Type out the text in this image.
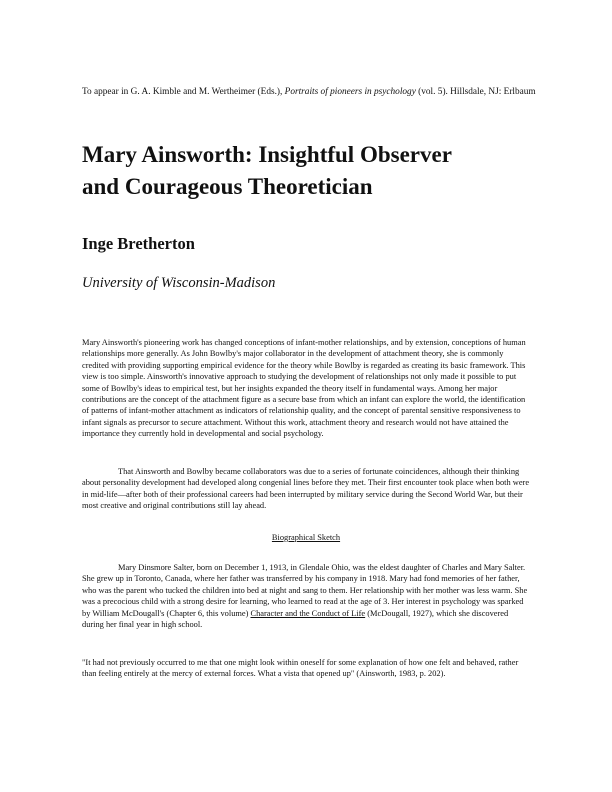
To appear in G. A. Kimble and M. Wertheimer (Eds.), Portraits of pioneers in psychology (vol. 5). Hillsdale, NJ: Erlbaum
Mary Ainsworth: Insightful Observer
and Courageous Theoretician

Inge Bretherton

University of Wisconsin-Madison

Mary Ainsworth's pioneering work has changed conceptions of infant-mother relationships, and by extension, conceptions of human relationships more generally. As John Bowlby's major collaborator in the development of attachment theory, she is commonly credited with providing supporting empirical evidence for the theory while Bowlby is regarded as creating its basic framework. This view is too simple. Ainsworth's innovative approach to studying the development of relationships not only made it possible to put some of Bowlby's ideas to empirical test, but her insights expanded the theory itself in fundamental ways. Among her major contributions are the concept of the attachment figure as a secure base from which an infant can explore the world, the identification of patterns of infant-mother attachment as indicators of relationship quality, and the concept of parental sensitive responsiveness to infant signals as precursor to secure attachment. Without this work, attachment theory and research would not have attained the importance they currently hold in developmental and social psychology.

That Ainsworth and Bowlby became collaborators was due to a series of fortunate coincidences, although their thinking about personality development had developed along congenial lines before they met. Their first encounter took place when both were in mid-life—after both of their professional careers had been interrupted by military service during the Second World War, but their most creative and original contributions still lay ahead.

Biographical Sketch

Mary Dinsmore Salter, born on December 1, 1913, in Glendale Ohio, was the eldest daughter of Charles and Mary Salter. She grew up in Toronto, Canada, where her father was transferred by his company in 1918. Mary had fond memories of her father, who was the parent who tucked the children into bed at night and sang to them. Her relationship with her mother was less warm. She was a precocious child with a strong desire for learning, who learned to read at the age of 3. Her interest in psychology was sparked by William McDougall's (Chapter 6, this volume) Character and the Conduct of Life (McDougall, 1927), which she discovered during her final year in high school.

"It had not previously occurred to me that one might look within oneself for some explanation of how one felt and behaved, rather than feeling entirely at the mercy of external forces. What a vista that opened up" (Ainsworth, 1983, p. 202).
